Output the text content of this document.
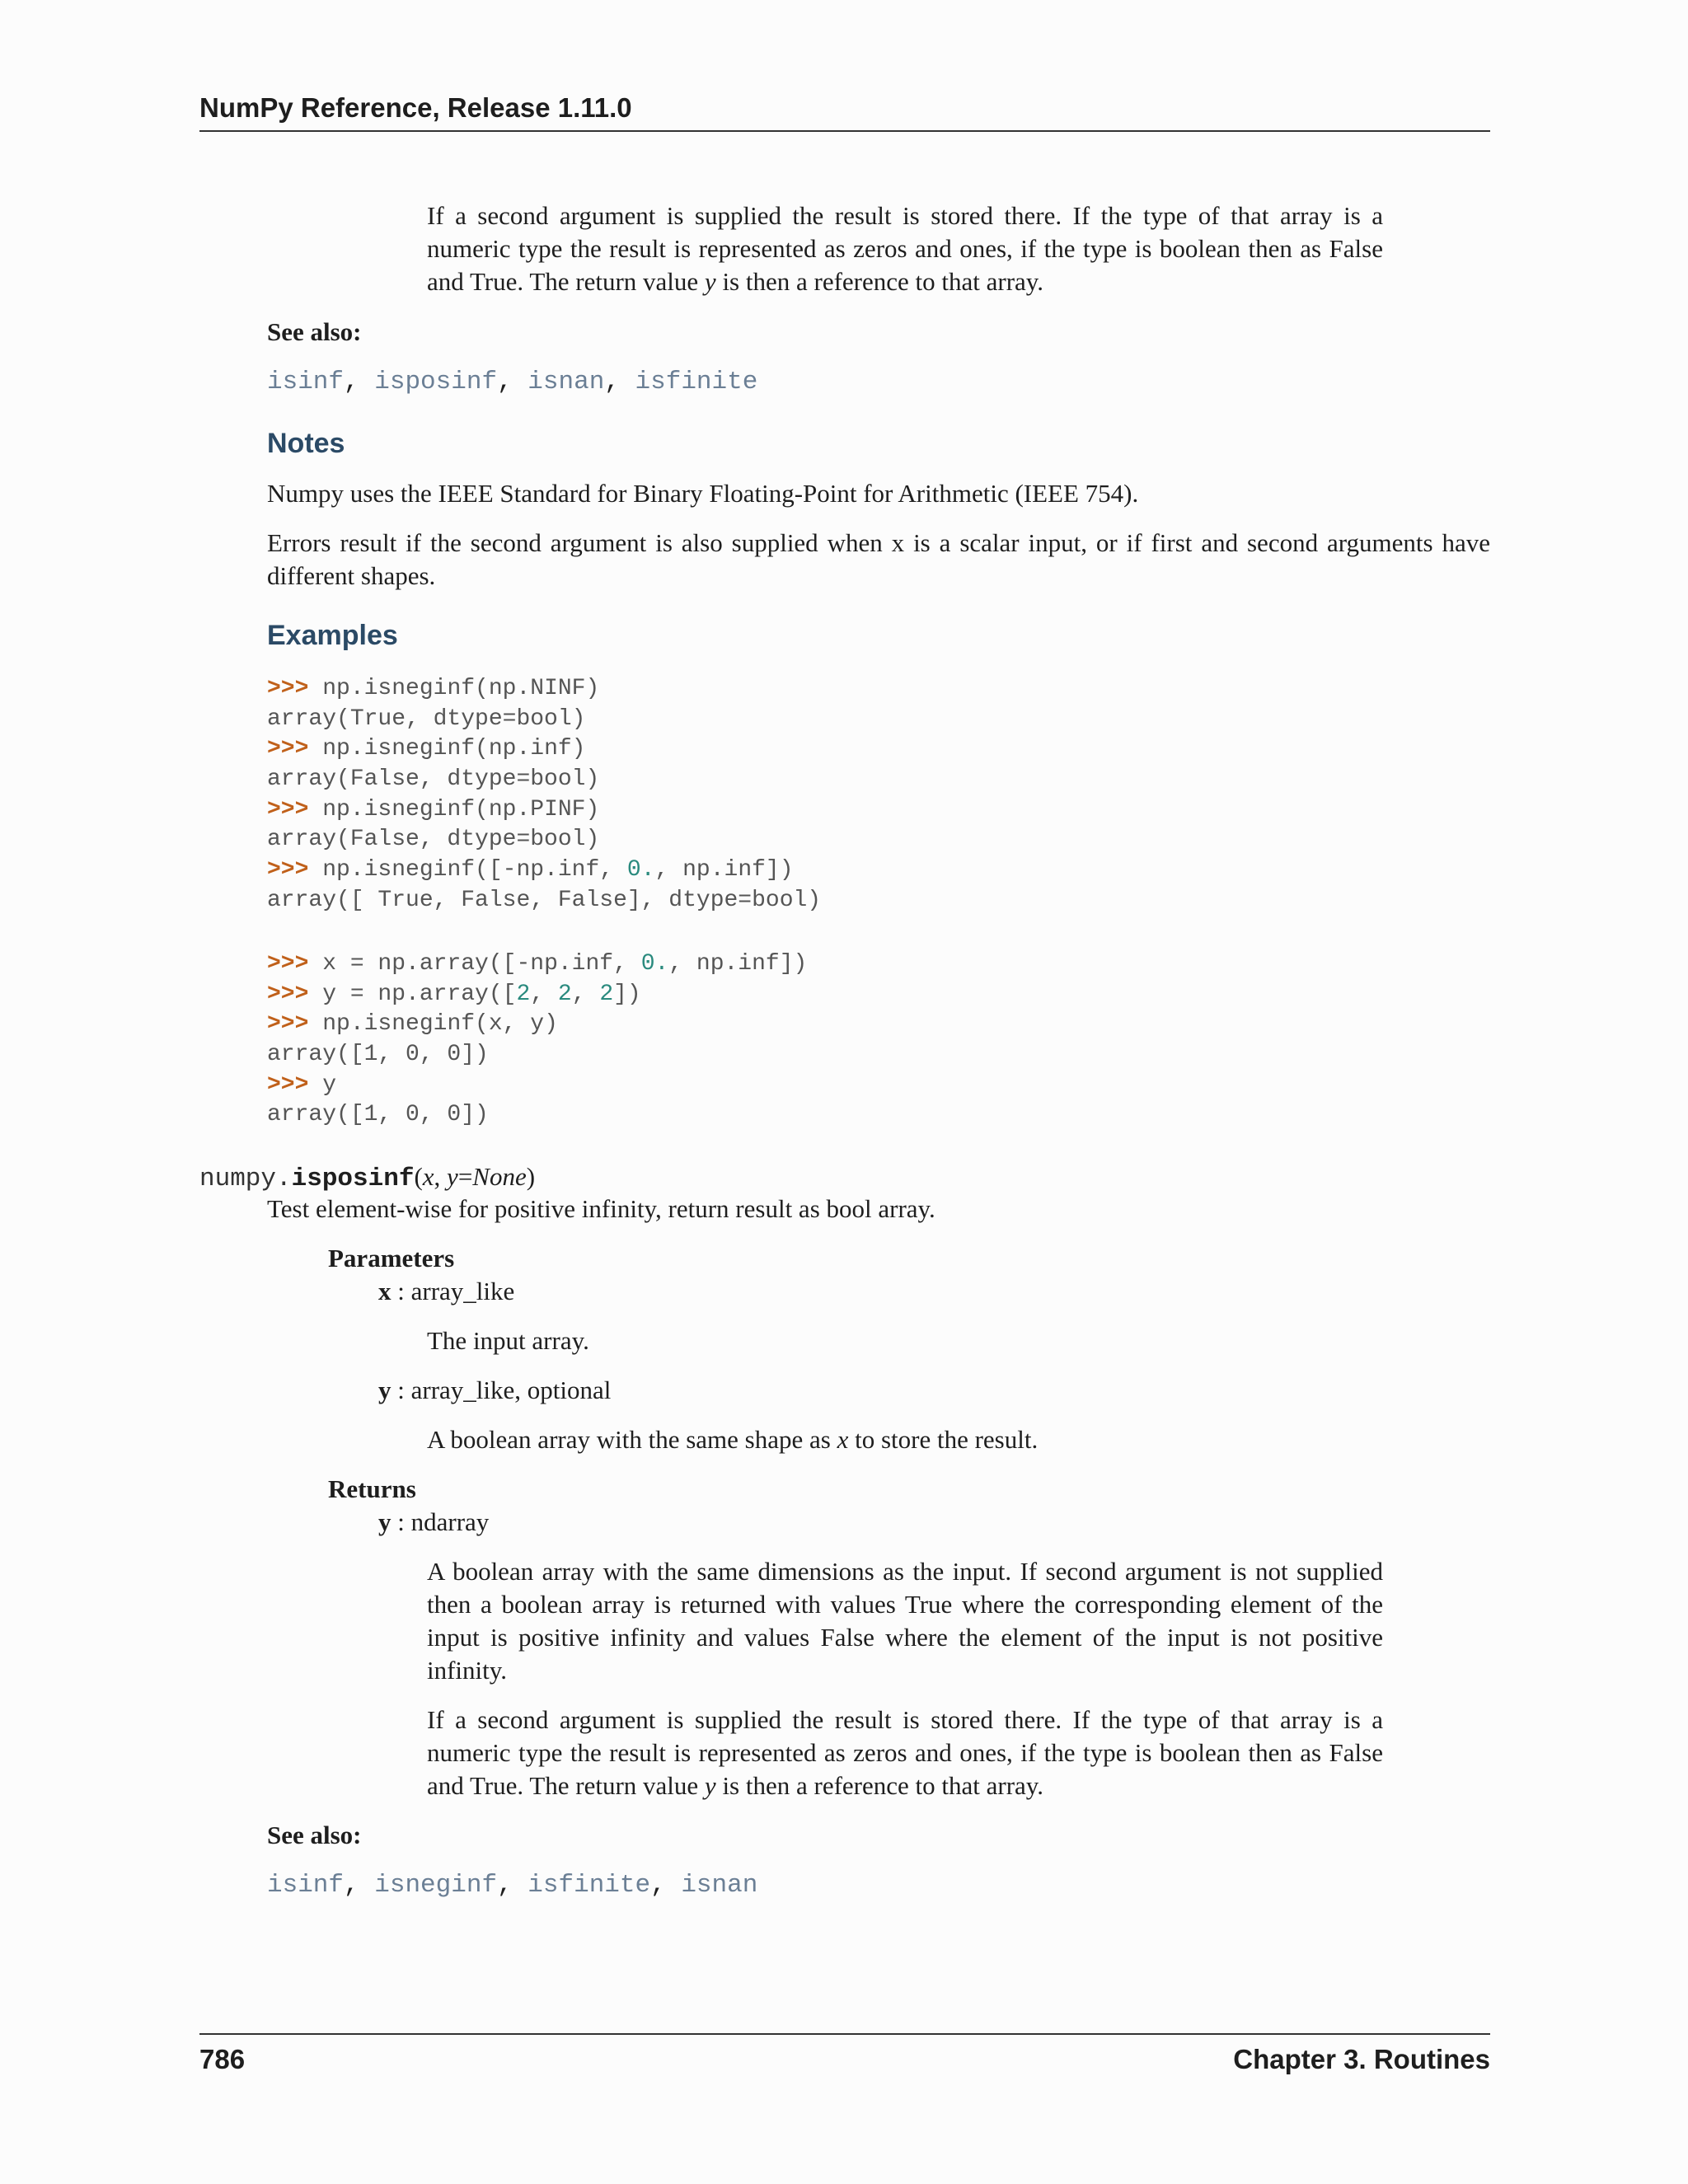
NumPy Reference, Release 1.11.0

If a second argument is supplied the result is stored there. If the type of that array is a numeric type the result is represented as zeros and ones, if the type is boolean then as False and True. The return value y is then a reference to that array.

See also:
isinf, isposinf, isnan, isfinite
Notes

Numpy uses the IEEE Standard for Binary Floating-Point for Arithmetic (IEEE 754).

Errors result if the second argument is also supplied when x is a scalar input, or if first and second arguments have different shapes.

Examples
>>> np.isneginf(np.NINF)
array(True, dtype=bool)
>>> np.isneginf(np.inf)
array(False, dtype=bool)
>>> np.isneginf(np.PINF)
array(False, dtype=bool)
>>> np.isneginf([-np.inf, 0., np.inf])
array([ True, False, False], dtype=bool)
>>> x = np.array([-np.inf, 0., np.inf])
>>> y = np.array([2, 2, 2])
>>> np.isneginf(x, y)
array([1, 0, 0])
>>> y
array([1, 0, 0])
numpy.isposinf(x, y=None)

Test element-wise for positive infinity, return result as bool array.

Parameters
x : array_like

The input array.

y : array_like, optional

A boolean array with the same shape as x to store the result.

Returns
y : ndarray

A boolean array with the same dimensions as the input. If second argument is not supplied then a boolean array is returned with values True where the corresponding element of the input is positive infinity and values False where the element of the input is not positive infinity.

If a second argument is supplied the result is stored there. If the type of that array is a numeric type the result is represented as zeros and ones, if the type is boolean then as False and True. The return value y is then a reference to that array.

See also:
isinf, isneginf, isfinite, isnan
786	Chapter 3. Routines
